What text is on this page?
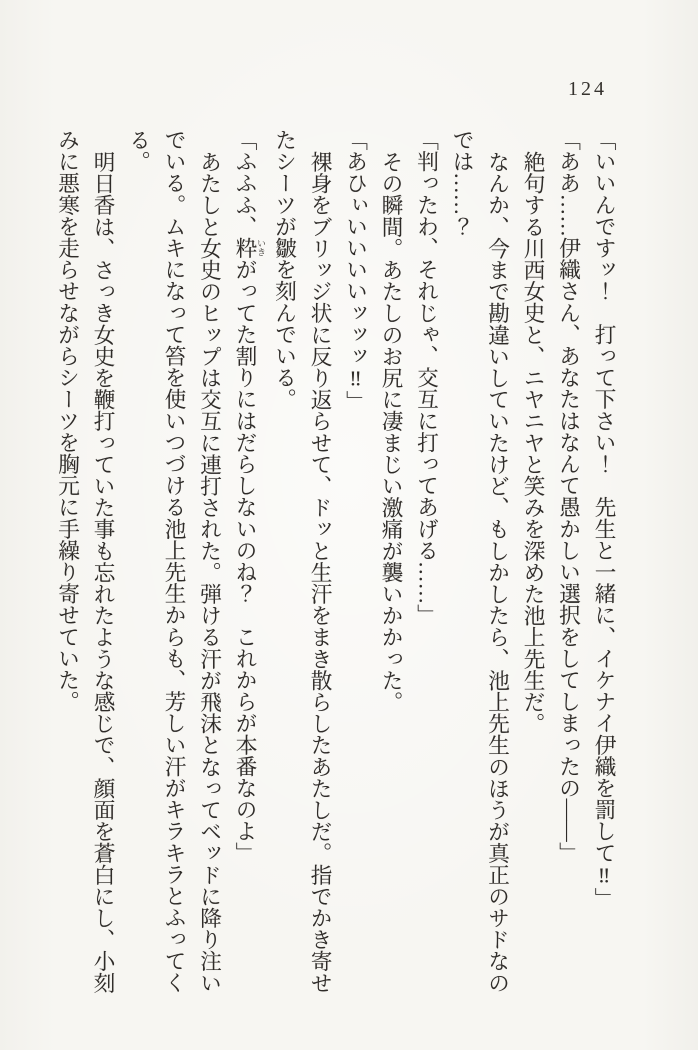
124

「いいんですッ！　打って下さい！　先生と一緒に、イケナイ伊織を罰して‼」

「ああ……伊織さん、あなたはなんて愚かしい選択をしてしまったの——」

絶句する川西女史と、ニヤニヤと笑みを深めた池上先生だ。

なんか、今まで勘違いしていたけど、もしかしたら、池上先生のほうが真正のサドなのでは……？

「判ったわ、それじゃ、交互に打ってあげる……」

その瞬間。あたしのお尻に凄まじい激痛が襲いかかった。

「あひぃいいいいッッッ‼」

裸身をブリッジ状に反り返らせて、ドッと生汗をまき散らしたあたしだ。指でかき寄せたシーツが皺を刻んでいる。

「ふふふ、粋 いきがってた割りにはだらしないのね？　これからが本番なのよ」

あたしと女史のヒップは交互に連打された。弾ける汗が飛沫となってベッドに降り注いでいる。ムキになって笞を使いつづける池上先生からも、芳しい汗がキラキラとふってくる。

明日香は、さっき女史を鞭打っていた事も忘れたような感じで、顔面を蒼白にし、小刻みに悪寒を走らせながらシーツを胸元に手繰り寄せていた。
